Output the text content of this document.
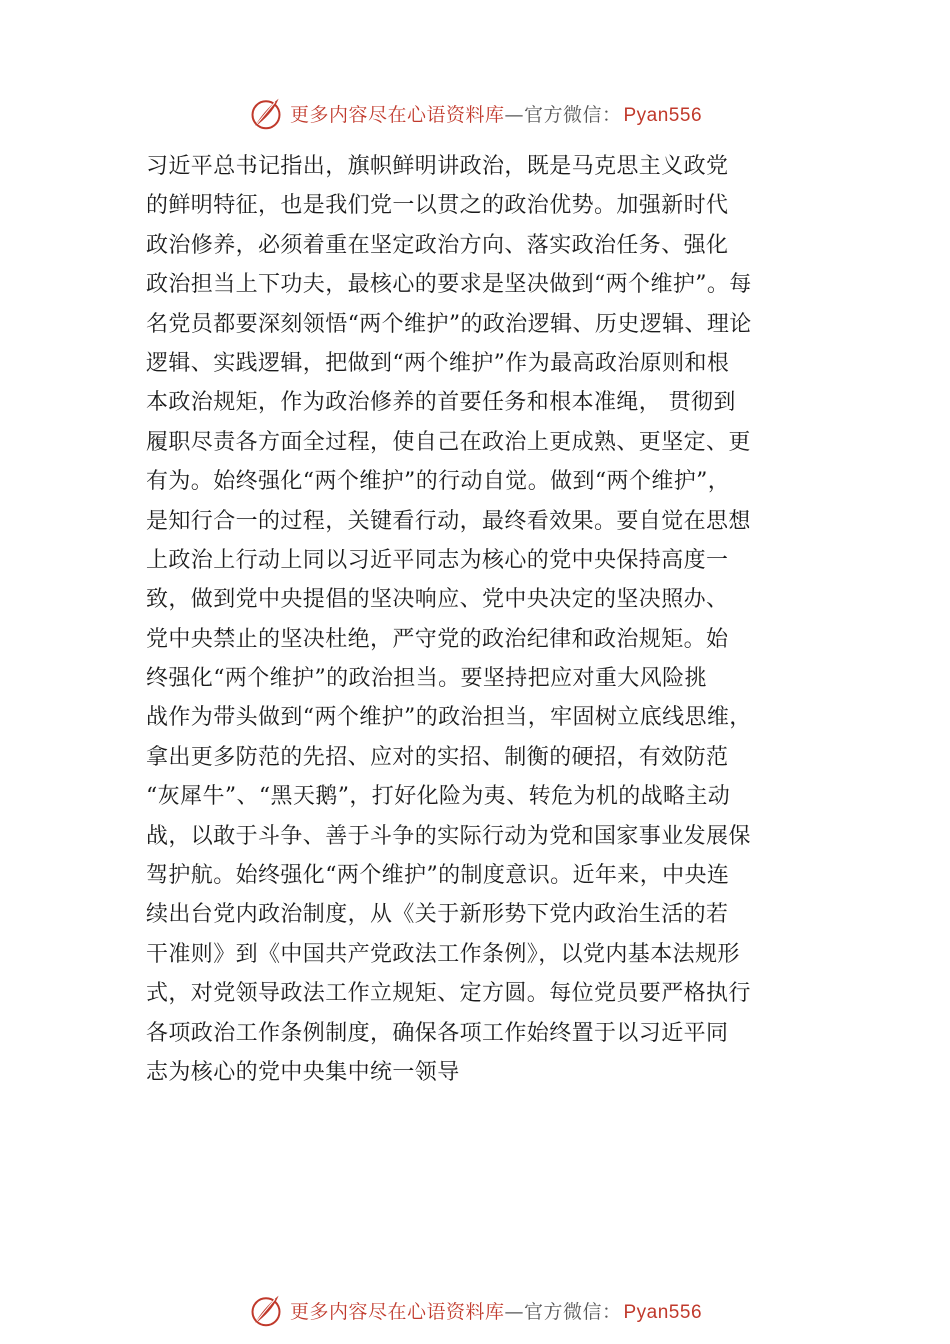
更多内容尽在心语资料库 — 官方微信： Pyan556
习近平总书记指出，旗帜鲜明讲政治，既是马克思主义政党
的鲜明特征，也是我们党一以贯之的政治优势。加强新时代
政治修养，必须着重在坚定政治方向、落实政治任务、强化
政治担当上下功夫，最核心的要求是坚决做到“两个维护”。每
名党员都要深刻领悟“两个维护”的政治逻辑、历史逻辑、理论
逻辑、实践逻辑，把做到“两个维护”作为最高政治原则和根
本政治规矩，作为政治修养的首要任务和根本准绳， 贯彻到
履职尽责各方面全过程，使自己在政治上更成熟、更坚定、更
有为。始终强化“两个维护”的行动自觉。做到“两个维护”，
是知行合一的过程，关键看行动，最终看效果。要自觉在思想
上政治上行动上同以习近平同志为核心的党中央保持高度一
致，做到党中央提倡的坚决响应、党中央决定的坚决照办、
党中央禁止的坚决杜绝，严守党的政治纪律和政治规矩。始
终强化“两个维护”的政治担当。要坚持把应对重大风险挑
战作为带头做到“两个维护”的政治担当，牢固树立底线思维，
拿出更多防范的先招、应对的实招、制衡的硬招，有效防范
“灰犀牛”、“黑天鹅”，打好化险为夷、转危为机的战略主动
战，以敢于斗争、善于斗争的实际行动为党和国家事业发展保
驾护航。始终强化“两个维护”的制度意识。近年来，中央连
续出台党内政治制度，从《关于新形势下党内政治生活的若
干准则》到《中国共产党政法工作条例》，以党内基本法规形
式，对党领导政法工作立规矩、定方圆。每位党员要严格执行
各项政治工作条例制度，确保各项工作始终置于以习近平同
志为核心的党中央集中统一领导
更多内容尽在心语资料库 — 官方微信： Pyan556
